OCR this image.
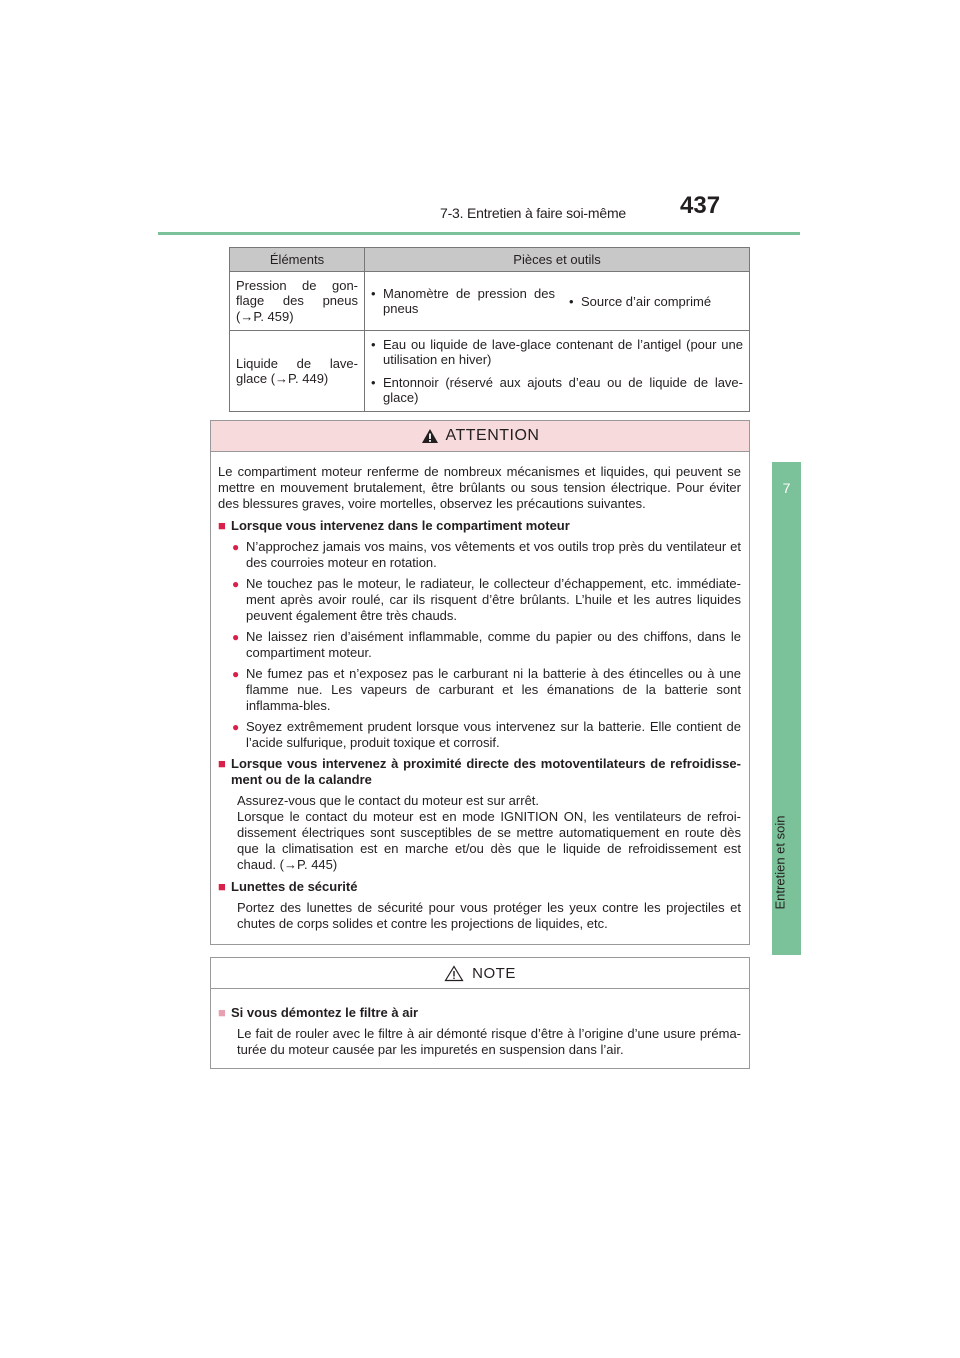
7-3. Entretien à faire soi-même	437
7
Entretien et soin
Éléments	Pièces et outils
Pression de gon-flage des pneus (→P. 459)	• Manomètre de pression des pneus • Source d’air comprimé

Liquide de lave-glace (→P. 449)	• Eau ou liquide de lave-glace contenant de l’antigel (pour une utilisation en hiver)
• Entonnoir (réservé aux ajouts d’eau ou de liquide de lave-glace)
ATTENTION

Le compartiment moteur renferme de nombreux mécanismes et liquides, qui peuvent se mettre en mouvement brutalement, être brûlants ou sous tension électrique. Pour éviter des blessures graves, voire mortelles, observez les précautions suivantes.

■ Lorsque vous intervenez dans le compartiment moteur
● N’approchez jamais vos mains, vos vêtements et vos outils trop près du ventilateur et des courroies moteur en rotation.
● Ne touchez pas le moteur, le radiateur, le collecteur d’échappement, etc. immédiate-ment après avoir roulé, car ils risquent d’être brûlants. L’huile et les autres liquides peuvent également être très chauds.
● Ne laissez rien d’aisément inflammable, comme du papier ou des chiffons, dans le compartiment moteur.
● Ne fumez pas et n’exposez pas le carburant ni la batterie à des étincelles ou à une flamme nue. Les vapeurs de carburant et les émanations de la batterie sont inflamma-bles.
● Soyez extrêmement prudent lorsque vous intervenez sur la batterie. Elle contient de l’acide sulfurique, produit toxique et corrosif.
■ Lorsque vous intervenez à proximité directe des motoventilateurs de refroidisse-ment ou de la calandre
Assurez-vous que le contact du moteur est sur arrêt.
Lorsque le contact du moteur est en mode IGNITION ON, les ventilateurs de refroi-dissement électriques sont susceptibles de se mettre automatiquement en route dès que la climatisation est en marche et/ou dès que le liquide de refroidissement est chaud. (→P. 445)
■ Lunettes de sécurité
Portez des lunettes de sécurité pour vous protéger les yeux contre les projectiles et chutes de corps solides et contre les projections de liquides, etc.
NOTE
■ Si vous démontez le filtre à air
Le fait de rouler avec le filtre à air démonté risque d’être à l’origine d’une usure préma-turée du moteur causée par les impuretés en suspension dans l’air.
